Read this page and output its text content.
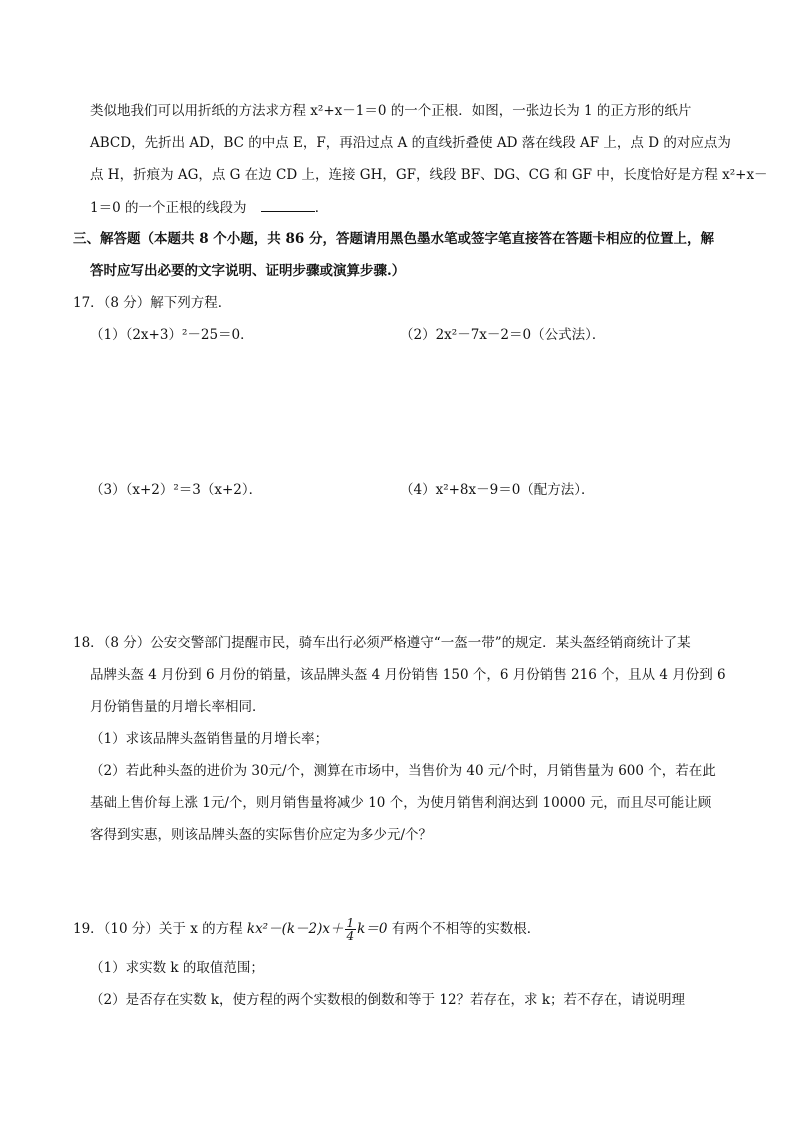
类似地我们可以用折纸的方法求方程 x²+x－1＝0 的一个正根．如图，一张边长为 1 的正方形的纸片
ABCD，先折出 AD，BC 的中点 E，F，再沿过点 A 的直线折叠使 AD 落在线段 AF 上，点 D 的对应点为
点 H，折痕为 AG，点 G 在边 CD 上，连接 GH，GF，线段 BF、DG、CG 和 GF 中，长度恰好是方程 x²+x－
1＝0 的一个正根的线段为	．
三、解答题（本题共 8 个小题，共 86 分，答题请用黑色墨水笔或签字笔直接答在答题卡相应的位置上，解
答时应写出必要的文字说明、证明步骤或演算步骤.）
17．（8 分）解下列方程．
（1）（2x+3）²－25＝0．	（2）2x²－7x－2＝0（公式法）．
（3）（x+2）²＝3（x+2）．	（4）x²+8x－9＝0（配方法）．
18．（8 分）公安交警部门提醒市民，骑车出行必须严格遵守“一盔一带”的规定．某头盔经销商统计了某
品牌头盔 4 月份到 6 月份的销量，该品牌头盔 4 月份销售 150 个，6 月份销售 216 个，且从 4 月份到 6
月份销售量的月增长率相同．
（1）求该品牌头盔销售量的月增长率；
（2）若此种头盔的进价为 30元/个，测算在市场中，当售价为 40 元/个时，月销售量为 600 个，若在此
基础上售价每上涨 1元/个，则月销售量将减少 10 个，为使月销售利润达到 10000 元，而且尽可能让顾
客得到实惠，则该品牌头盔的实际售价应定为多少元/个？
19．（10 分）关于 x 的方程 $kx^2-(k-2)x+ \frac{1}{4} k=0$ 有两个不相等的实数根．
（1）求实数 k 的取值范围；
（2）是否存在实数 k，使方程的两个实数根的倒数和等于 12？若存在，求 k；若不存在，请说明理
